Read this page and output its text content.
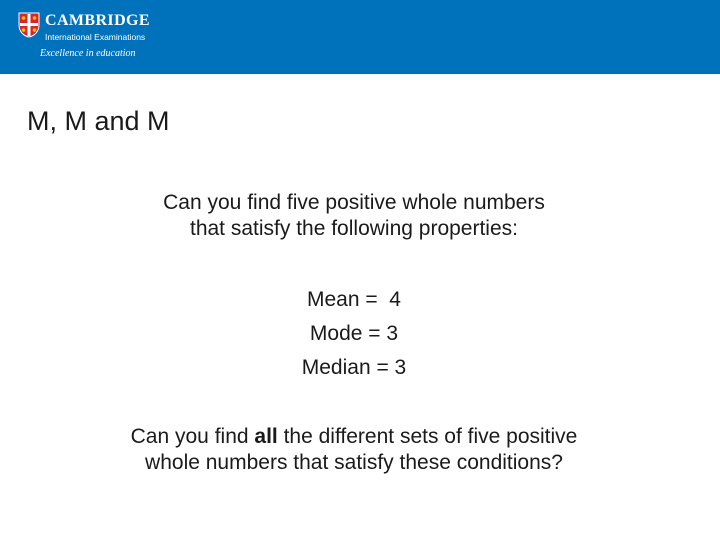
CAMBRIDGE
International Examinations
Excellence in education
M, M and M
Can you find five positive whole numbers
that satisfy the following properties:
Mean =  4
Mode = 3
Median = 3
Can you find all the different sets of five positive
whole numbers that satisfy these conditions?
